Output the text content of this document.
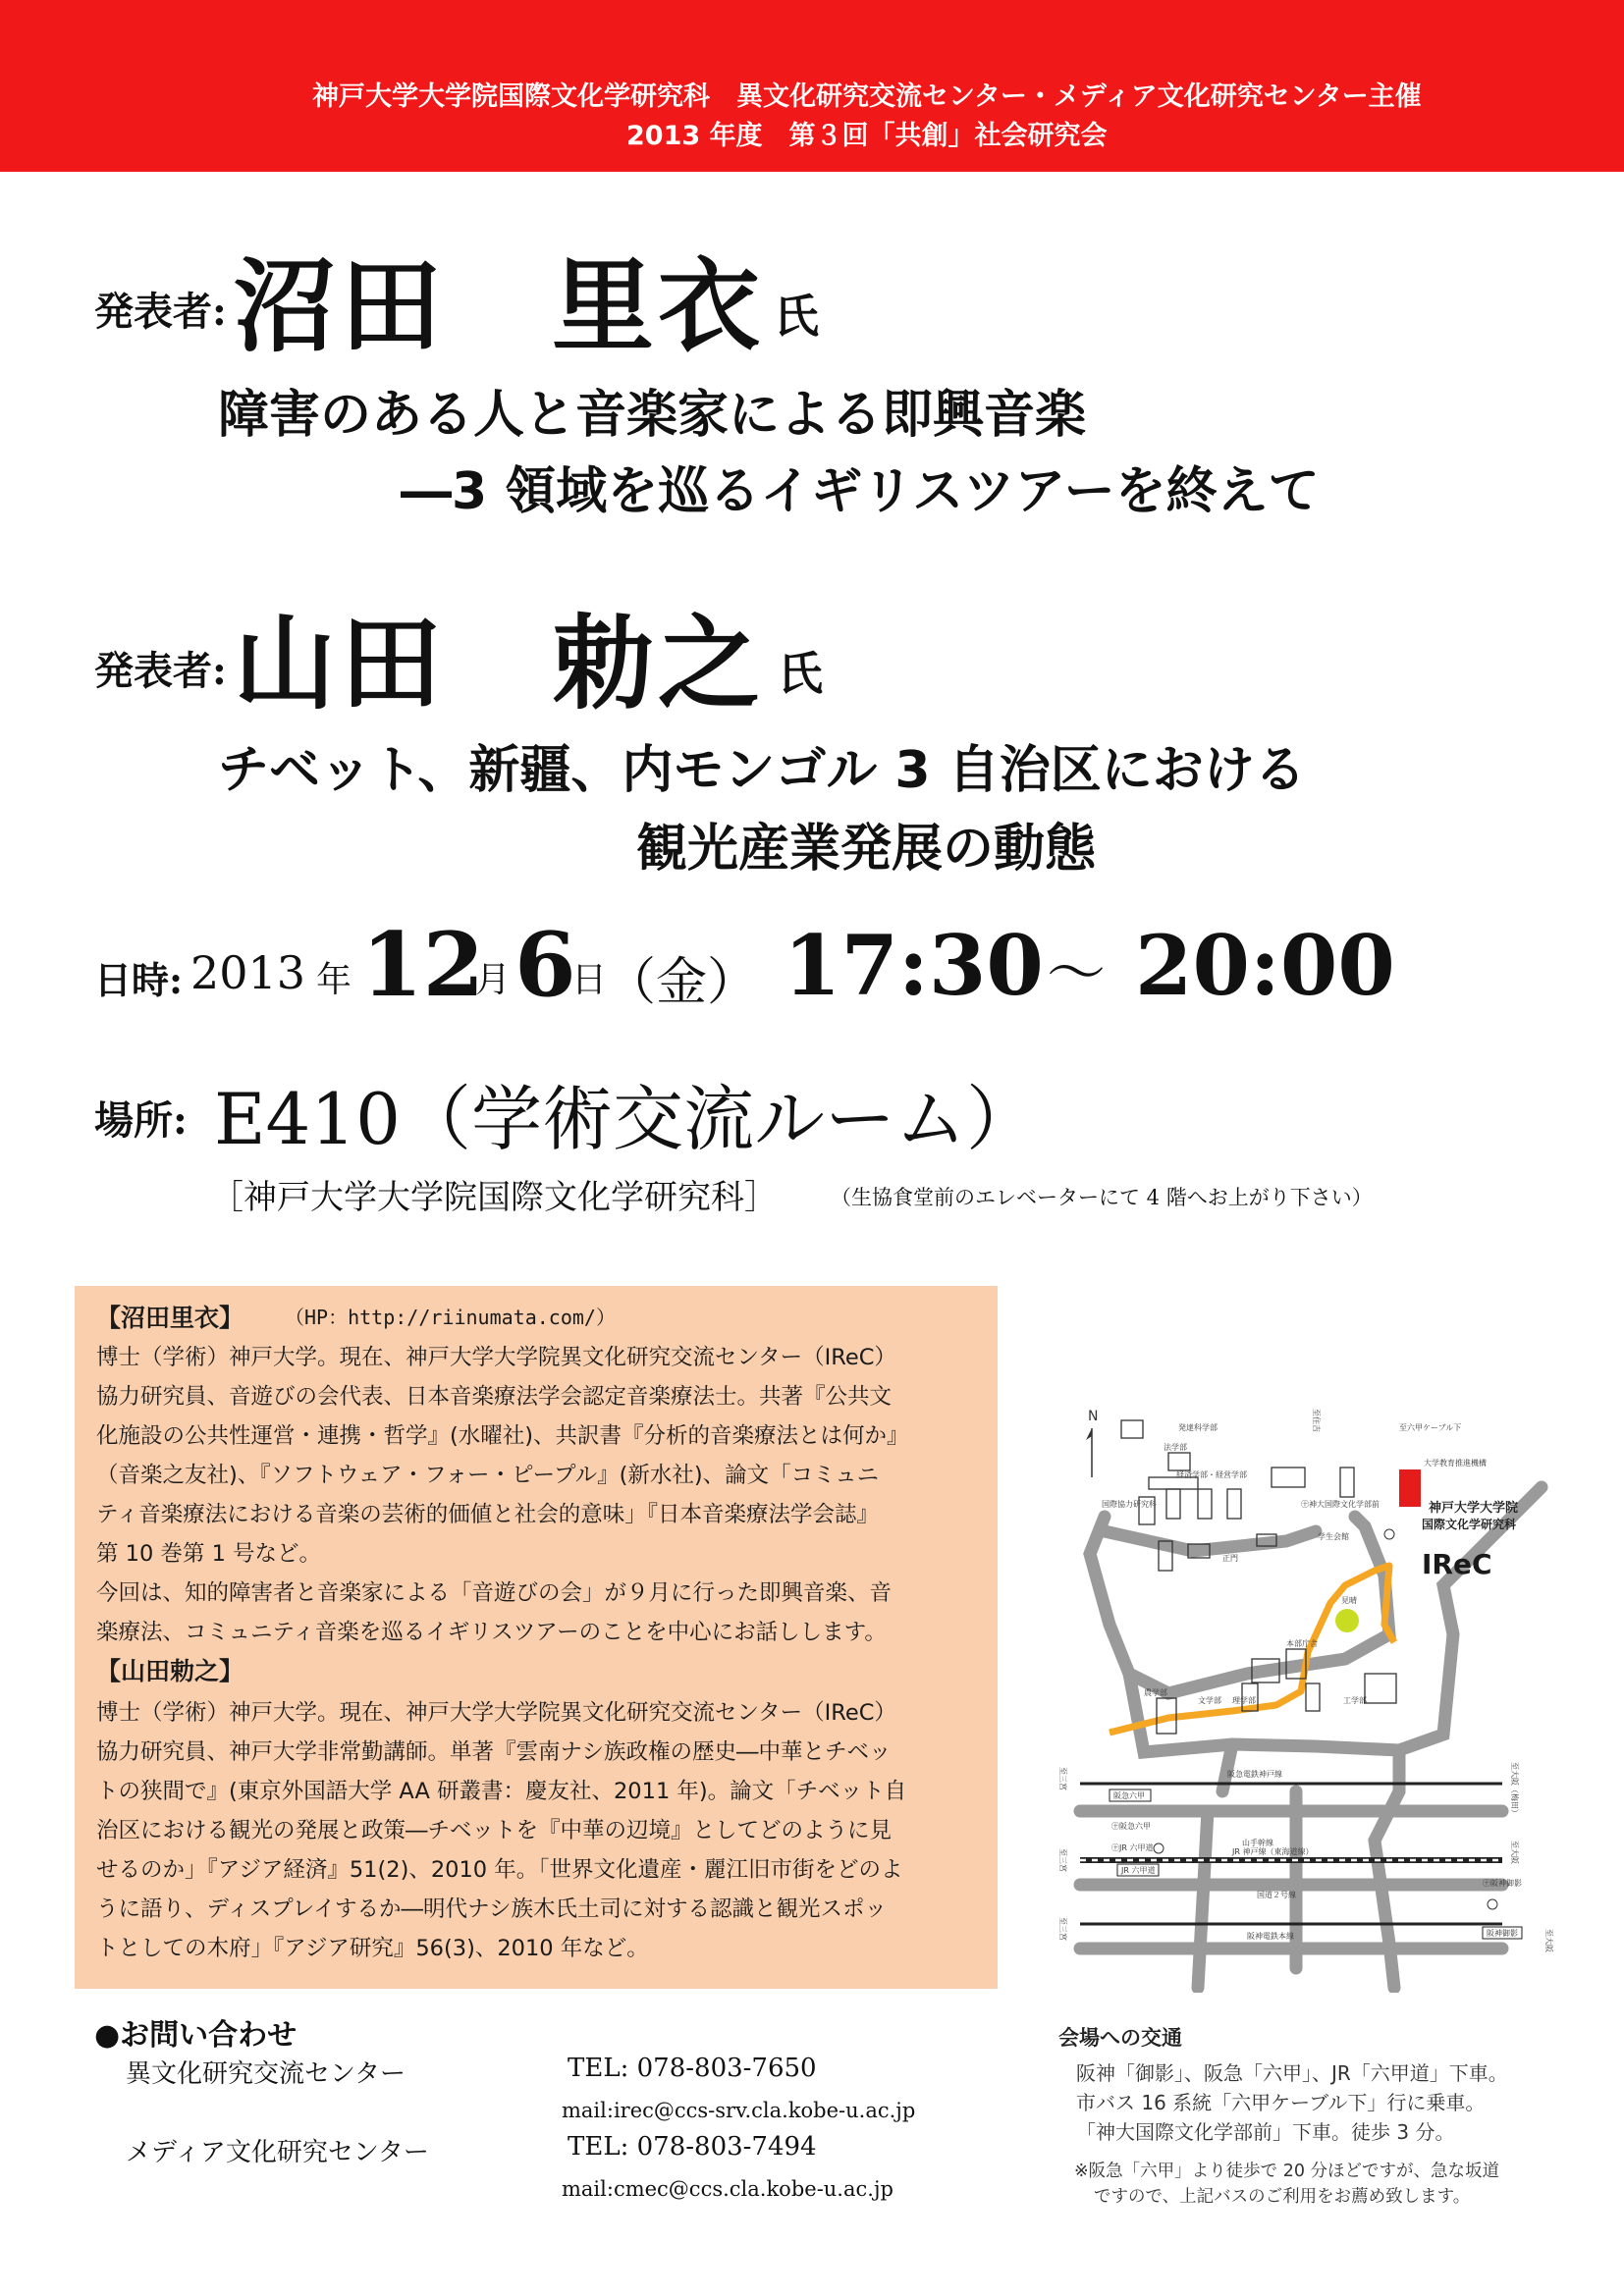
神戸大学大学院国際文化学研究科　異文化研究交流センター・メディア文化研究センター主催
2013 年度　第３回「共創」社会研究会
発表者: 沼田　里衣 氏
障害のある人と音楽家による即興音楽
―3 領域を巡るイギリスツアーを終えて
発表者: 山田　勅之 氏
チベット、新疆、内モンゴル 3 自治区における
観光産業発展の動態
日時: 2013 年 12
月 6
日
（金） 17:30 ～ 20:00
場所: E410（学術交流ルーム）
［神戸大学大学院国際文化学研究科］	（生協食堂前のエレベーターにて 4 階へお上がり下さい）
【沼田里衣】 （HP：http://riinumata.com/）
博士（学術）神戸大学。現在、神戸大学大学院異文化研究交流センター（IReC）
協力研究員、音遊びの会代表、日本音楽療法学会認定音楽療法士。共著『公共文
化施設の公共性運営・連携・哲学』(水曜社)、共訳書『分析的音楽療法とは何か』
（音楽之友社)、『ソフトウェア・フォー・ピープル』(新水社)、論文「コミュニ
ティ音楽療法における音楽の芸術的価値と社会的意味」『日本音楽療法学会誌』
第 10 巻第 1 号など。
今回は、知的障害者と音楽家による「音遊びの会」が９月に行った即興音楽、音
楽療法、コミュニティ音楽を巡るイギリスツアーのことを中心にお話しします。
【山田勅之】
博士（学術）神戸大学。現在、神戸大学大学院異文化研究交流センター（IReC）
協力研究員、神戸大学非常勤講師。単著『雲南ナシ族政権の歴史―中華とチベッ
トの狭間で』(東京外国語大学 AA 研叢書：慶友社、2011 年)。論文「チベット自
治区における観光の発展と政策―チベットを『中華の辺境』としてどのように見
せるのか」『アジア経済』51(2)、2010 年。「世界文化遺産・麗江旧市街をどのよ
うに語り、ディスプレイするか―明代ナシ族木氏土司に対する認識と観光スポッ
トとしての木府」『アジア研究』56(3)、2010 年など。
●お問い合わせ
異文化研究交流センター	TEL: 078-803-7650
mail:irec@ccs-srv.cla.kobe-u.ac.jp
メディア文化研究センター	TEL: 078-803-7494
mail:cmec@ccs.cla.kobe-u.ac.jp
N
神戸大学大学院
国際文化学研究科
IReC
発達科学部	至六甲ケーブル下
法学部
経済学部・経営学部
国際協力研究科
大学教育推進機構
㊉神大国際文化学部前
学生会館
正門
見晴
本部庁舎
農学部
文学部 理学部	工学部
阪急電鉄神戸線
阪急六甲
㊉阪急六甲
山手幹線
㊉JR 六甲道	JR 神戸線（東海道線）
JR 六甲道
国道２号線
阪神電鉄本線	阪神御影
㊉阪神御影
至大阪（梅田）
至三宮
至大阪
至三宮
至大阪
至三宮
至住吉
会場への交通
阪神「御影」、阪急「六甲」、JR「六甲道」下車。
市バス 16 系統「六甲ケーブル下」行に乗車。
「神大国際文化学部前」下車。徒歩 3 分。
※阪急「六甲」より徒歩で 20 分ほどですが、急な坂道
ですので、上記バスのご利用をお薦め致します。
